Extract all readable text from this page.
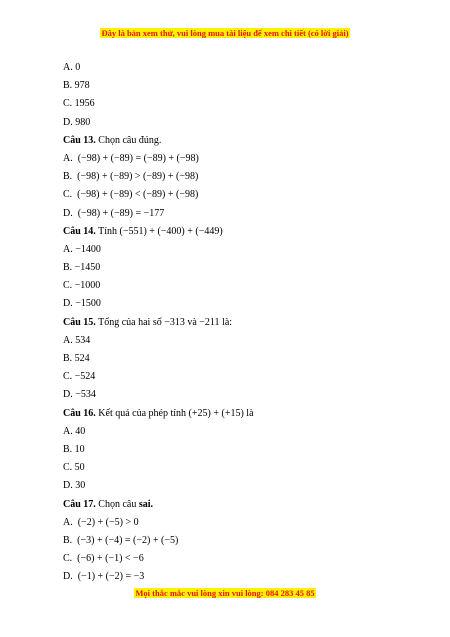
Đây là bản xem thử, vui lòng mua tài liệu để xem chi tiết (có lời giải)
A. 0
B. 978
C. 1956
D. 980
Câu 13. Chọn câu đúng.
A.  (−98) + (−89) = (−89) + (−98)
B.  (−98) + (−89) > (−89) + (−98)
C.  (−98) + (−89) < (−89) + (−98)
D.  (−98) + (−89) = −177
Câu 14. Tính (−551) + (−400) + (−449)
A. −1400
B. −1450
C. −1000
D. −1500
Câu 15. Tổng của hai số −313 và −211 là:
A. 534
B. 524
C. −524
D. −534
Câu 16. Kết quả của phép tính (+25) + (+15) là
A. 40
B. 10
C. 50
D. 30
Câu 17. Chọn câu sai.
A.  (−2) + (−5) > 0
B.  (−3) + (−4) = (−2) + (−5)
C.  (−6) + (−1) < −6
D.  (−1) + (−2) = −3
Mọi thắc mắc vui lòng xin vui lòng: 084 283 45 85
